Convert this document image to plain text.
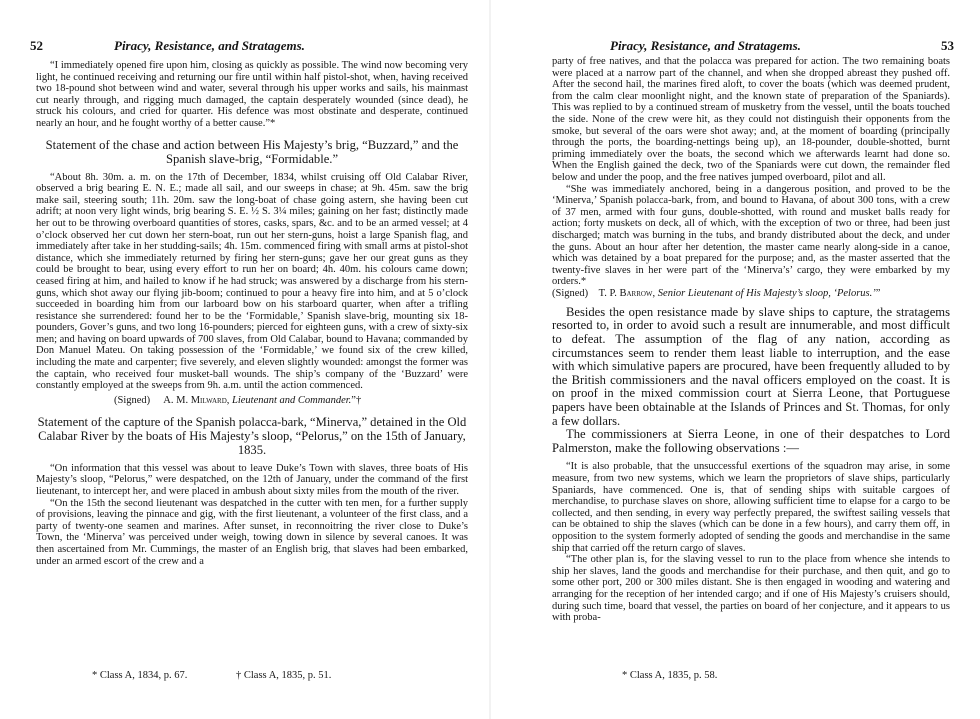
52	Piracy, Resistance, and Stratagems.

“I immediately opened fire upon him, closing as quickly as possible. The wind now becoming very light, he continued receiving and returning our fire until within half pistol-shot, when, having received two 18-pound shot between wind and water, several through his upper works and sails, his mainmast cut nearly through, and rigging much damaged, the captain desperately wounded (since dead), he struck his colours, and cried for quarter. His defence was most obstinate and desperate, continued nearly an hour, and he fought worthy of a better cause.”*

Statement of the chase and action between His Majesty’s brig, “Buzzard,” and the Spanish slave-brig, “Formidable.”

“About 8h. 30m. a. m. on the 17th of December, 1834, whilst cruising off Old Calabar River, observed a brig bearing E. N. E.; made all sail, and our sweeps in chase; at 9h. 45m. saw the brig make sail, steering south; 11h. 20m. saw the long-boat of chase going astern, she having been cut adrift; at noon very light winds, brig bearing S. E. ½ S. 3¼ miles; gaining on her fast; distinctly made her out to be throwing overboard quantities of stores, casks, spars, &c. and to be an armed vessel; at 4 o’clock observed her cut down her stern-boat, run out her stern-guns, hoist a large Spanish flag, and immediately after take in her studding-sails; 4h. 15m. commenced firing with small arms at pistol-shot distance, which she immediately returned by firing her stern-guns; gave her our great guns as they could be brought to bear, using every effort to run her on board; 4h. 40m. his colours came down; ceased firing at him, and hailed to know if he had struck; was answered by a discharge from his stern-guns, which shot away our flying jib-boom; continued to pour a heavy fire into him, and at 5 o’clock succeeded in boarding him from our larboard bow on his starboard quarter, when after a trifling resistance she surrendered: found her to be the ‘Formidable,’ Spanish slave-brig, mounting six 18-pounders, Gover’s guns, and two long 16-pounders; pierced for eighteen guns, with a crew of sixty-six men; and having on board upwards of 700 slaves, from Old Calabar, bound to Havana; commanded by Don Manuel Mateu. On taking possession of the ‘Formidable,’ we found six of the crew killed, including the mate and carpenter; five severely, and eleven slightly wounded: amongst the former was the captain, who received four musket-ball wounds. The ship’s company of the ‘Buzzard’ were constantly employed at the sweeps from 9h. a.m. until the action commenced.

(Signed) A. M. Milward, Lieutenant and Commander.”†

Statement of the capture of the Spanish polacca-bark, “Minerva,” detained in the Old Calabar River by the boats of His Majesty’s sloop, “Pelorus,” on the 15th of January, 1835.

“On information that this vessel was about to leave Duke’s Town with slaves, three boats of His Majesty’s sloop, “Pelorus,” were despatched, on the 12th of January, under the command of the first lieutenant, to intercept her, and were placed in ambush about sixty miles from the mouth of the river.

“On the 15th the second lieutenant was despatched in the cutter with ten men, for a further supply of provisions, leaving the pinnace and gig, with the first lieutenant, a volunteer of the first class, and a party of twenty-one seamen and marines. After sunset, in reconnoitring the river close to Duke’s Town, the ‘Minerva’ was perceived under weigh, towing down in silence by several canoes. It was then ascertained from Mr. Cummings, the master of an English brig, that slaves had been embarked, under an armed escort of the crew and a

* Class A, 1834, p. 67.	† Class A, 1835, p. 51.
Piracy, Resistance, and Stratagems.	53

party of free natives, and that the polacca was prepared for action. The two remaining boats were placed at a narrow part of the channel, and when she dropped abreast they pushed off. After the second hail, the marines fired aloft, to cover the boats (which was deemed prudent, from the calm clear moonlight night, and the known state of preparation of the Spaniards). This was replied to by a continued stream of musketry from the vessel, until the boats touched the side. None of the crew were hit, as they could not distinguish their opponents from the smoke, but several of the oars were shot away; and, at the moment of boarding (principally through the ports, the boarding-nettings being up), an 18-pounder, double-shotted, burnt priming immediately over the boats, the second which we afterwards learnt had done so. When the English gained the deck, two of the Spaniards were cut down, the remainder fled below and under the poop, and the free natives jumped overboard, pilot and all.

“She was immediately anchored, being in a dangerous position, and proved to be the ‘Minerva,’ Spanish polacca-bark, from, and bound to Havana, of about 300 tons, with a crew of 37 men, armed with four guns, double-shotted, with round and musket balls ready for action; forty muskets on deck, all of which, with the exception of two or three, had been just discharged; match was burning in the tubs, and brandy distributed about the deck, and under the guns. About an hour after her detention, the master came nearly along-side in a canoe, which was detained by a boat prepared for the purpose; and, as the master asserted that the twenty-five slaves in her were part of the ‘Minerva’s’ cargo, they were embarked by my orders.*

(Signed) T. P. Barrow, Senior Lieutenant of His Majesty’s sloop, ‘Pelorus.’”

Besides the open resistance made by slave ships to capture, the stratagems resorted to, in order to avoid such a result are innumerable, and most difficult to defeat. The assumption of the flag of any nation, according as circumstances seem to render them least liable to interruption, and the ease with which simulative papers are procured, have been frequently alluded to by the British commissioners and the naval officers employed on the coast. It is on proof in the mixed commission court at Sierra Leone, that Portuguese papers have been obtainable at the Islands of Princes and St. Thomas, for only a few dollars.

The commissioners at Sierra Leone, in one of their despatches to Lord Palmerston, make the following observations :—

“It is also probable, that the unsuccessful exertions of the squadron may arise, in some measure, from two new systems, which we learn the proprietors of slave ships, particularly Spaniards, have commenced. One is, that of sending ships with suitable cargoes of merchandise, to purchase slaves on shore, allowing sufficient time to elapse for a cargo to be collected, and then sending, in every way perfectly prepared, the swiftest sailing vessels that can be obtained to ship the slaves (which can be done in a few hours), and carry them off, in opposition to the system formerly adopted of sending the goods and merchandise in the same ship that carried off the return cargo of slaves.

“The other plan is, for the slaving vessel to run to the place from whence she intends to ship her slaves, land the goods and merchandise for their purchase, and then quit, and go to some other port, 200 or 300 miles distant. She is then engaged in wooding and watering and arranging for the reception of her intended cargo; and if one of His Majesty’s cruisers should, during such time, board that vessel, the parties on board of her conjecture, and it appears to us with proba-

* Class A, 1835, p. 58.
